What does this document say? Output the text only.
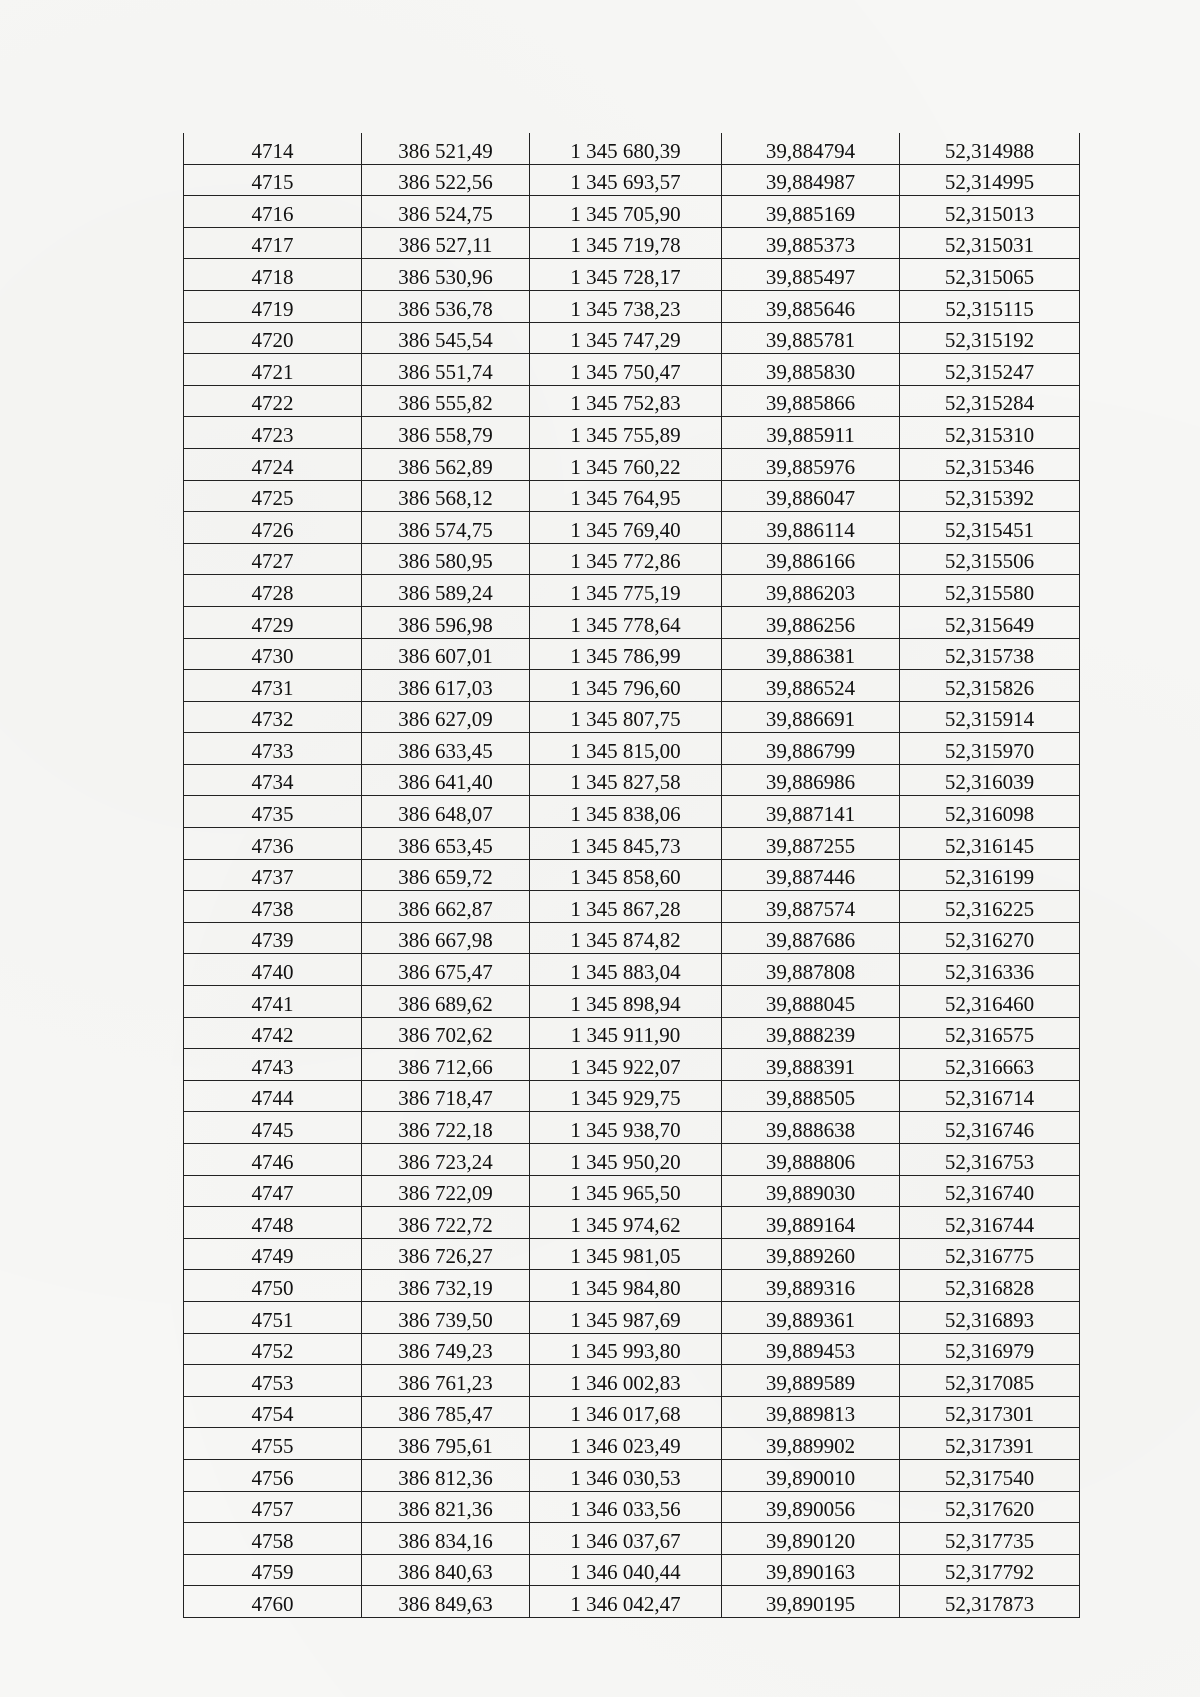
4714	386 521,49	1 345 680,39	39,884794	52,314988
4715	386 522,56	1 345 693,57	39,884987	52,314995
4716	386 524,75	1 345 705,90	39,885169	52,315013
4717	386 527,11	1 345 719,78	39,885373	52,315031
4718	386 530,96	1 345 728,17	39,885497	52,315065
4719	386 536,78	1 345 738,23	39,885646	52,315115
4720	386 545,54	1 345 747,29	39,885781	52,315192
4721	386 551,74	1 345 750,47	39,885830	52,315247
4722	386 555,82	1 345 752,83	39,885866	52,315284
4723	386 558,79	1 345 755,89	39,885911	52,315310
4724	386 562,89	1 345 760,22	39,885976	52,315346
4725	386 568,12	1 345 764,95	39,886047	52,315392
4726	386 574,75	1 345 769,40	39,886114	52,315451
4727	386 580,95	1 345 772,86	39,886166	52,315506
4728	386 589,24	1 345 775,19	39,886203	52,315580
4729	386 596,98	1 345 778,64	39,886256	52,315649
4730	386 607,01	1 345 786,99	39,886381	52,315738
4731	386 617,03	1 345 796,60	39,886524	52,315826
4732	386 627,09	1 345 807,75	39,886691	52,315914
4733	386 633,45	1 345 815,00	39,886799	52,315970
4734	386 641,40	1 345 827,58	39,886986	52,316039
4735	386 648,07	1 345 838,06	39,887141	52,316098
4736	386 653,45	1 345 845,73	39,887255	52,316145
4737	386 659,72	1 345 858,60	39,887446	52,316199
4738	386 662,87	1 345 867,28	39,887574	52,316225
4739	386 667,98	1 345 874,82	39,887686	52,316270
4740	386 675,47	1 345 883,04	39,887808	52,316336
4741	386 689,62	1 345 898,94	39,888045	52,316460
4742	386 702,62	1 345 911,90	39,888239	52,316575
4743	386 712,66	1 345 922,07	39,888391	52,316663
4744	386 718,47	1 345 929,75	39,888505	52,316714
4745	386 722,18	1 345 938,70	39,888638	52,316746
4746	386 723,24	1 345 950,20	39,888806	52,316753
4747	386 722,09	1 345 965,50	39,889030	52,316740
4748	386 722,72	1 345 974,62	39,889164	52,316744
4749	386 726,27	1 345 981,05	39,889260	52,316775
4750	386 732,19	1 345 984,80	39,889316	52,316828
4751	386 739,50	1 345 987,69	39,889361	52,316893
4752	386 749,23	1 345 993,80	39,889453	52,316979
4753	386 761,23	1 346 002,83	39,889589	52,317085
4754	386 785,47	1 346 017,68	39,889813	52,317301
4755	386 795,61	1 346 023,49	39,889902	52,317391
4756	386 812,36	1 346 030,53	39,890010	52,317540
4757	386 821,36	1 346 033,56	39,890056	52,317620
4758	386 834,16	1 346 037,67	39,890120	52,317735
4759	386 840,63	1 346 040,44	39,890163	52,317792
4760	386 849,63	1 346 042,47	39,890195	52,317873
